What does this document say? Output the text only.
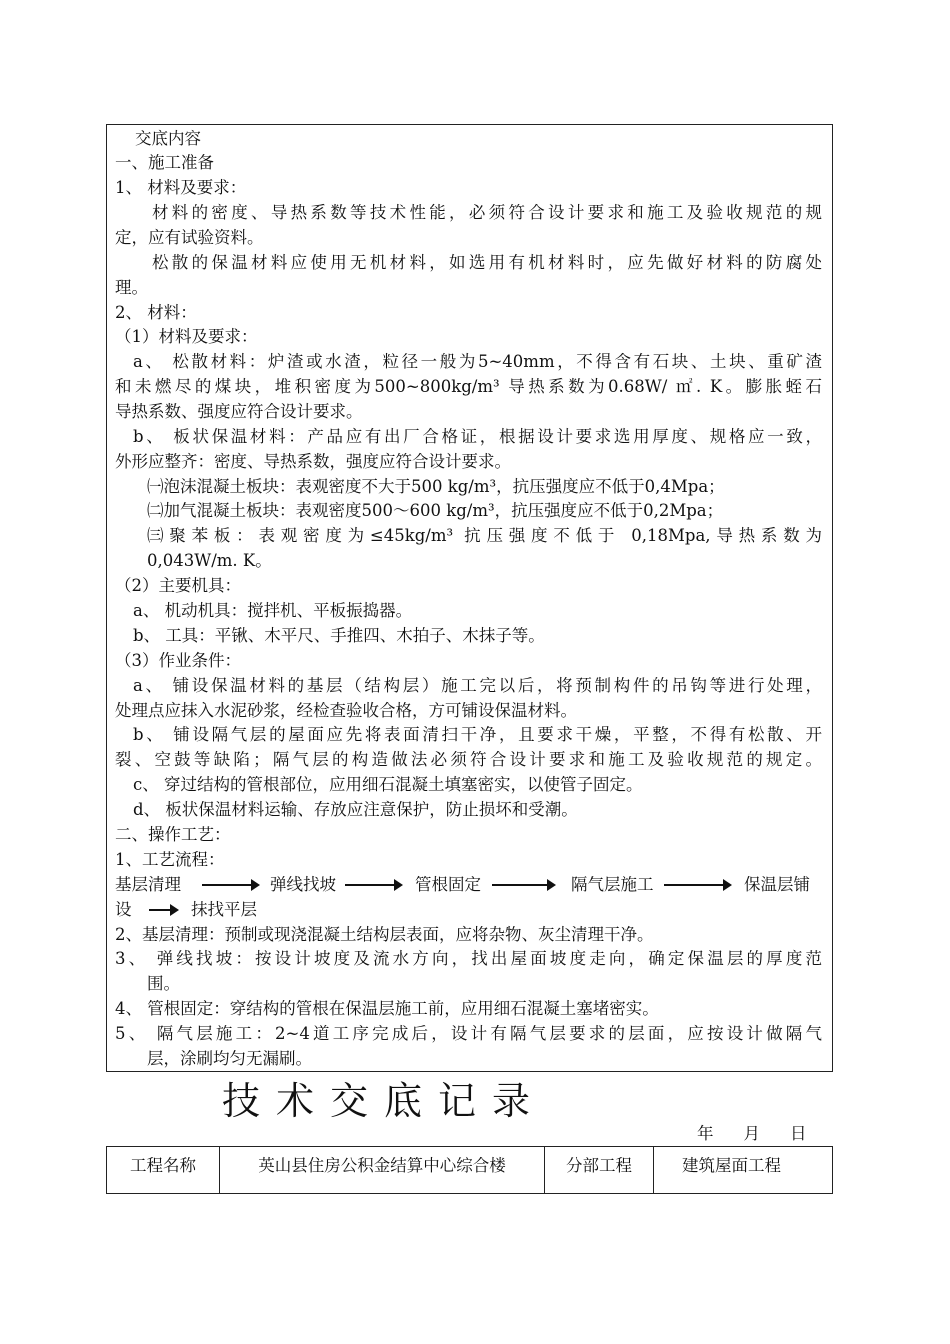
交底内容
一、施工准备
1、 材料及要求：
材料的密度、导热系数等技术性能，必须符合设计要求和施工及验收规范的规
定，应有试验资料。
松散的保温材料应使用无机材料，如选用有机材料时，应先做好材料的防腐处
理。
2、 材料：
（1）材料及要求：
a、 松散材料：炉渣或水渣，粒径一般为5~40mm，不得含有石块、土块、重矿渣
和未燃尽的煤块，堆积密度为500~800kg/m³ 导热系数为0.68W/ ㎡. K。膨胀蛭石
导热系数、强度应符合设计要求。
b、 板状保温材料：产品应有出厂合格证，根据设计要求选用厚度、规格应一致，
外形应整齐：密度、导热系数，强度应符合设计要求。
㈠泡沫混凝土板块：表观密度不大于500 kg/m³，抗压强度应不低于0,4Mpa；
㈡加气混凝土板块：表观密度500～600 kg/m³，抗压强度应不低于0,2Mpa；
㈢聚苯板：表观密度为≤45kg/m³ 抗压强度不低于 0,18Mpa,导热系数为
0,043W/m. K。
（2）主要机具：
a、 机动机具：搅拌机、平板振捣器。
b、 工具：平锹、木平尺、手推四、木拍子、木抹子等。
（3）作业条件：
a、 铺设保温材料的基层（结构层）施工完以后，将预制构件的吊钩等进行处理，
处理点应抹入水泥砂浆，经检查验收合格，方可铺设保温材料。
b、 铺设隔气层的屋面应先将表面清扫干净，且要求干燥，平整，不得有松散、开
裂、空鼓等缺陷；隔气层的构造做法必须符合设计要求和施工及验收规范的规定。
c、 穿过结构的管根部位，应用细石混凝土填塞密实，以使管子固定。
d、 板状保温材料运输、存放应注意保护，防止损坏和受潮。
二、操作工艺：
1、工艺流程：
基层清理	弹线找坡	管根固定	隔气层施工	保温层铺
设	抹找平层
2、基层清理：预制或现浇混凝土结构层表面，应将杂物、灰尘清理干净。
3、 弹线找坡：按设计坡度及流水方向，找出屋面坡度走向，确定保温层的厚度范
围。
4、 管根固定：穿结构的管根在保温层施工前，应用细石混凝土塞堵密实。
5、 隔气层施工：2~4道工序完成后，设计有隔气层要求的层面，应按设计做隔气
层，涂刷均匀无漏刷。
技术交底记录
年 月 日
工程名称	英山县住房公积金结算中心综合楼	分部工程	建筑屋面工程
